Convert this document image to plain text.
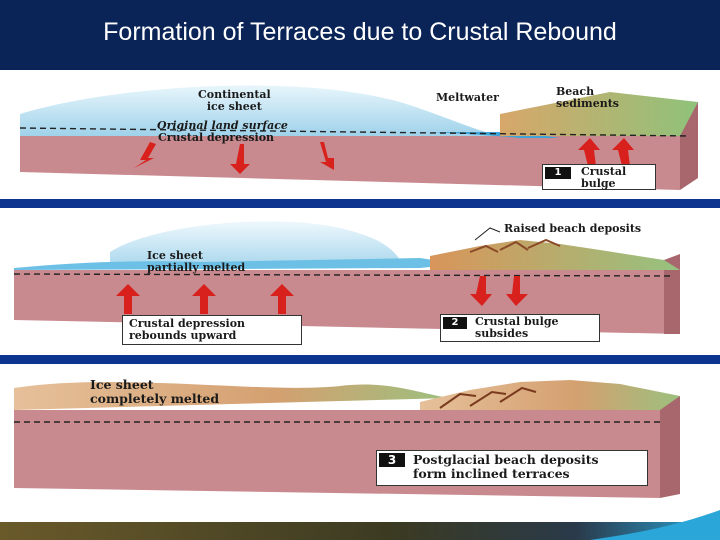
Formation of Terraces due to Crustal Rebound
Continental
ice sheet
Meltwater	Beach
sediments
Original land surface
Crustal depression
1	Crustal
bulge
Raised beach deposits
Ice sheet
partially melted
Crustal depression
rebounds upward
2	Crustal bulge
subsides
Ice sheet
completely melted
3	Postglacial beach deposits
form inclined terraces
